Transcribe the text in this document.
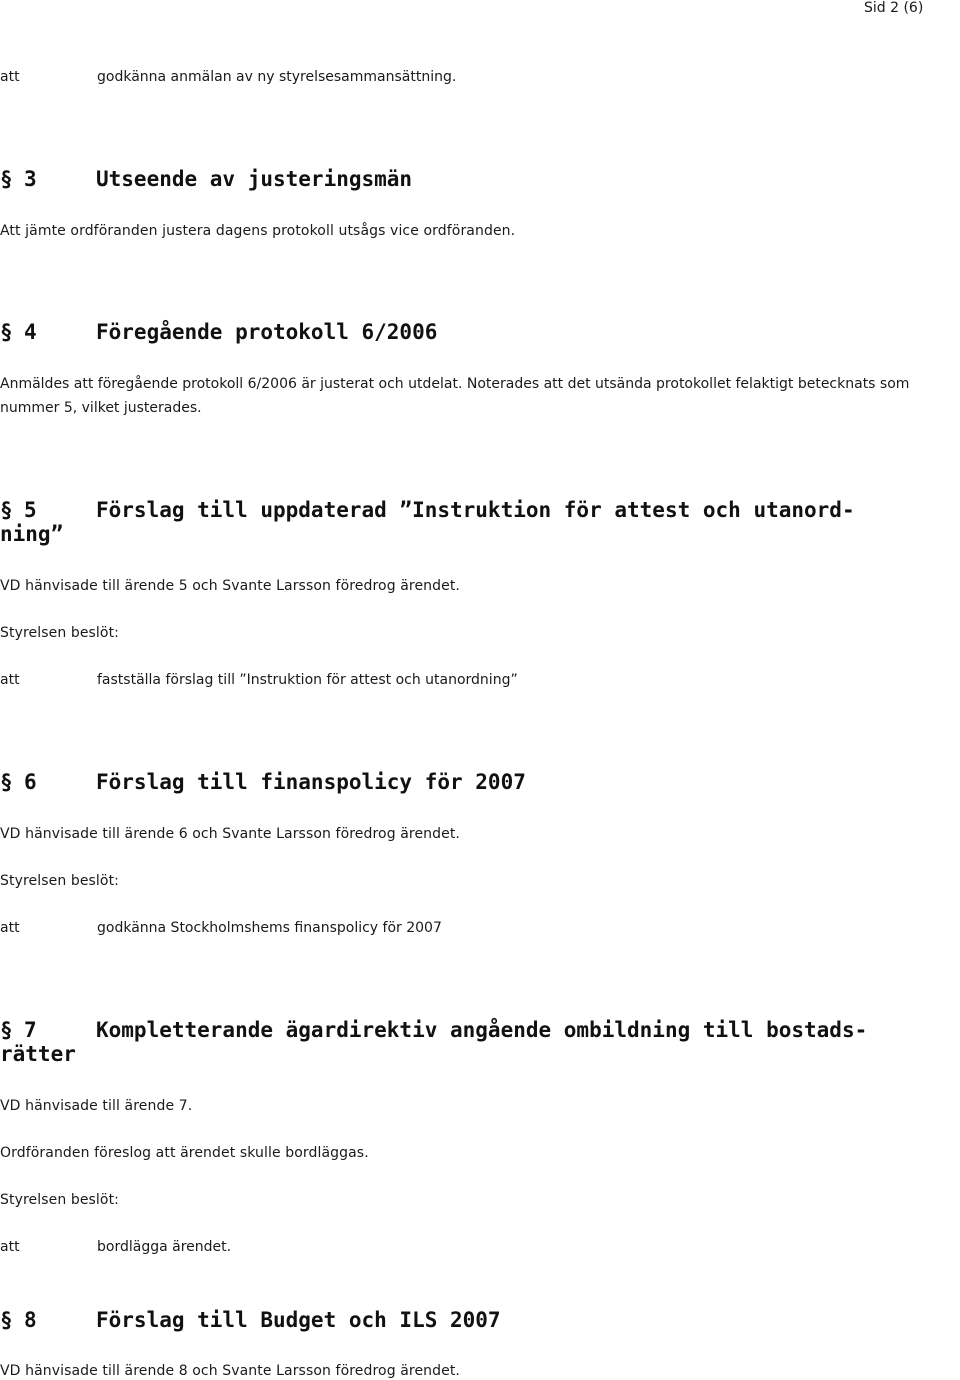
Sid 2 (6)
att	godkänna anmälan av ny styrelsesammansättning.
§ 3	Utseende av justeringsmän
Att jämte ordföranden justera dagens protokoll utsågs vice ordföranden.
§ 4	Föregående protokoll 6/2006
Anmäldes att föregående protokoll 6/2006 är justerat och utdelat. Noterades att det utsända protokollet felaktigt betecknats som nummer 5, vilket justerades.
§ 5	Förslag till uppdaterad ”Instruktion för attest och utanord-
ning”
VD hänvisade till ärende 5 och Svante Larsson föredrog ärendet.
Styrelsen beslöt:
att	fastställa förslag till ”Instruktion för attest och utanordning”
§ 6	Förslag till finanspolicy för 2007
VD hänvisade till ärende 6 och Svante Larsson föredrog ärendet.
Styrelsen beslöt:
att	godkänna Stockholmshems finanspolicy för 2007
§ 7	Kompletterande ägardirektiv angående ombildning till bostads-
rätter
VD hänvisade till ärende 7.
Ordföranden föreslog att ärendet skulle bordläggas.
Styrelsen beslöt:
att	bordlägga ärendet.
§ 8	Förslag till Budget och ILS 2007
VD hänvisade till ärende 8 och Svante Larsson föredrog ärendet.
